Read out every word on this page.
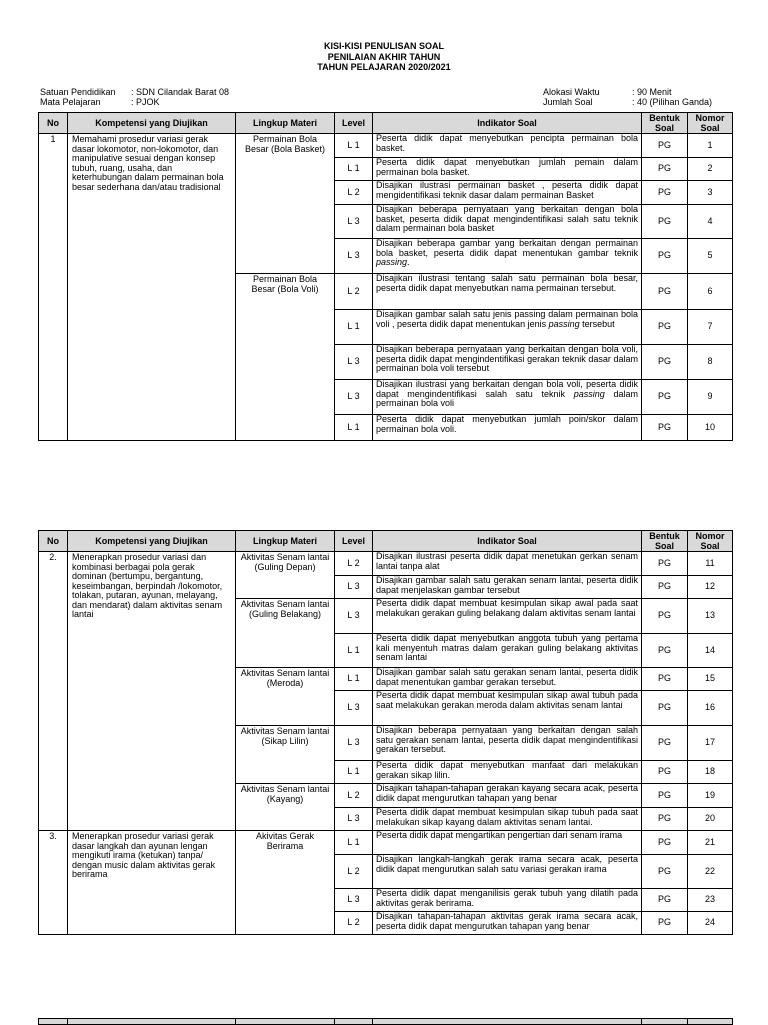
KISI-KISI PENULISAN SOAL
PENILAIAN AKHIR TAHUN
TAHUN PELAJARAN 2020/2021
Satuan Pendidikan : SDN Cilandak Barat 08
Mata Pelajaran	: PJOK
Alokasi Waktu	: 90 Menit
Jumlah Soal	: 40 (Pilihan Ganda)
No	Kompetensi yang Diujikan	Lingkup Materi	Level	Indikator Soal	Bentuk Soal	Nomor Soal
1	Memahami prosedur variasi gerak dasar lokomotor, non-lokomotor, dan manipulative sesuai dengan konsep tubuh, ruang, usaha, dan keterhubungan dalam permainan bola besar sederhana dan/atau tradisional	Permainan Bola Besar (Bola Basket)	L 1	Peserta didik dapat menyebutkan pencipta permainan bola basket.	PG	1
			L 1	Peserta didik dapat menyebutkan jumlah pemain dalam permainan bola basket.	PG	2
			L 2	Disajikan ilustrasi permainan basket , peserta didik dapat mengidentifikasi teknik dasar dalam permainan Basket	PG	3
			L 3	Disajikan beberapa pernyataan yang berkaitan dengan bola basket, peserta didik dapat mengindentifikasi salah satu teknik dalam permainan bola basket	PG	4
			L 3	Disajikan beberapa gambar yang berkaitan dengan permainan bola basket, peserta didik dapat menentukan gambar teknik passing.	PG	5
		Permainan Bola Besar (Bola Voli)	L 2	Disajikan ilustrasi tentang salah satu permainan bola besar, peserta didik dapat menyebutkan nama permainan tersebut.	PG	6
			L 1	Disajikan gambar salah satu jenis passing dalam permainan bola voli , peserta didik dapat menentukan jenis passing tersebut	PG	7
			L 3	Disajikan beberapa pernyataan yang berkaitan dengan bola voli, peserta didik dapat mengindentifikasi gerakan teknik dasar dalam permainan bola voli tersebut	PG	8
			L 3	Disajikan ilustrasi yang berkaitan dengan bola voli, peserta didik dapat mengindentifikasi salah satu teknik passing dalam permainan bola voli	PG	9
			L 1	Peserta didik dapat menyebutkan jumlah poin/skor dalam permainan bola voli.	PG	10
No	Kompetensi yang Diujikan	Lingkup Materi	Level	Indikator Soal	Bentuk Soal	Nomor Soal
2.	Menerapkan prosedur variasi dan kombinasi berbagai pola gerak dominan (bertumpu, bergantung, keseimbangan, berpindah /lokomotor, tolakan, putaran, ayunan, melayang, dan mendarat) dalam aktivitas senam lantai	Aktivitas Senam lantai (Guling Depan)	L 2	Disajikan ilustrasi peserta didik dapat menetukan gerkan senam lantai tanpa alat	PG	11
			L 3	Disajikan gambar salah satu gerakan senam lantai, peserta didik dapat menjelaskan gambar tersebut	PG	12
		Aktivitas Senam lantai (Guling Belakang)	L 3	Peserta didik dapat membuat kesimpulan sikap awal pada saat melakukan gerakan guling belakang dalam aktivitas senam lantai	PG	13
			L 1	Peserta didik dapat menyebutkan anggota tubuh yang pertama kali menyentuh matras dalam gerakan guling belakang aktivitas senam lantai	PG	14
		Aktivitas Senam lantai (Meroda)	L 1	Disajikan gambar salah satu gerakan senam lantai, peserta didik dapat menentukan gambar gerakan tersebut.	PG	15
			L 3	Peserta didik dapat membuat kesimpulan sikap awal tubuh pada saat melakukan gerakan meroda dalam aktivitas senam lantai	PG	16
		Aktivitas Senam lantai (Sikap Lilin)	L 3	Disajikan beberapa pernyataan yang berkaitan dengan salah satu gerakan senam lantai, peserta didik dapat mengindentifikasi gerakan tersebut.	PG	17
			L 1	Peserta didik dapat menyebutkan manfaat dari melakukan gerakan sikap lilin.	PG	18
		Aktivitas Senam lantai (Kayang)	L 2	Disajikan tahapan-tahapan gerakan kayang secara acak, peserta didik dapat mengurutkan tahapan yang benar	PG	19
			L 3	Peserta didik dapat membuat kesimpulan sikap tubuh pada saat melakukan sikap kayang dalam aktivitas senam lantai.	PG	20
3.	Menerapkan prosedur variasi gerak dasar langkah dan ayunan lengan mengikuti irama (ketukan) tanpa/ dengan music dalam aktivitas gerak berirama	Akivitas Gerak Berirama	L 1	Peserta didik dapat mengartikan pengertian dari senam irama	PG	21
			L 2	Disajikan langkah-langkah gerak irama secara acak, peserta didik dapat mengurutkan salah satu variasi gerakan irama	PG	22
			L 3	Peserta didik dapat menganilisis gerak tubuh yang dilatih pada aktivitas gerak berirama.	PG	23
			L 2	Disajikan tahapan-tahapan aktivitas gerak irama secara acak, peserta didik dapat mengurutkan tahapan yang benar	PG	24
